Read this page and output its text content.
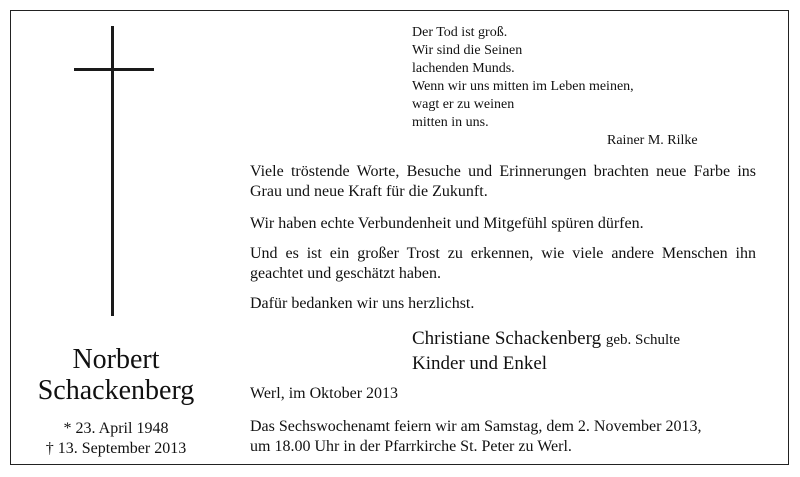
Der Tod ist groß.
Wir sind die Seinen
lachenden Munds.
Wenn wir uns mitten im Leben meinen,
wagt er zu weinen
mitten in uns.
Rainer M. Rilke

Viele tröstende Worte, Besuche und Erinnerungen brachten neue Farbe ins Grau und neue Kraft für die Zukunft.

Wir haben echte Verbundenheit und Mitgefühl spüren dürfen.

Und es ist ein großer Trost zu erkennen, wie viele andere Menschen ihn geachtet und geschätzt haben.

Dafür bedanken wir uns herzlichst.

Christiane Schackenberg geb. Schulte
Kinder und Enkel
Norbert
Schackenberg
* 23. April 1948
† 13. September 2013
Werl, im Oktober 2013
Das Sechswochenamt feiern wir am Samstag, dem 2. November 2013,
um 18.00 Uhr in der Pfarrkirche St. Peter zu Werl.
